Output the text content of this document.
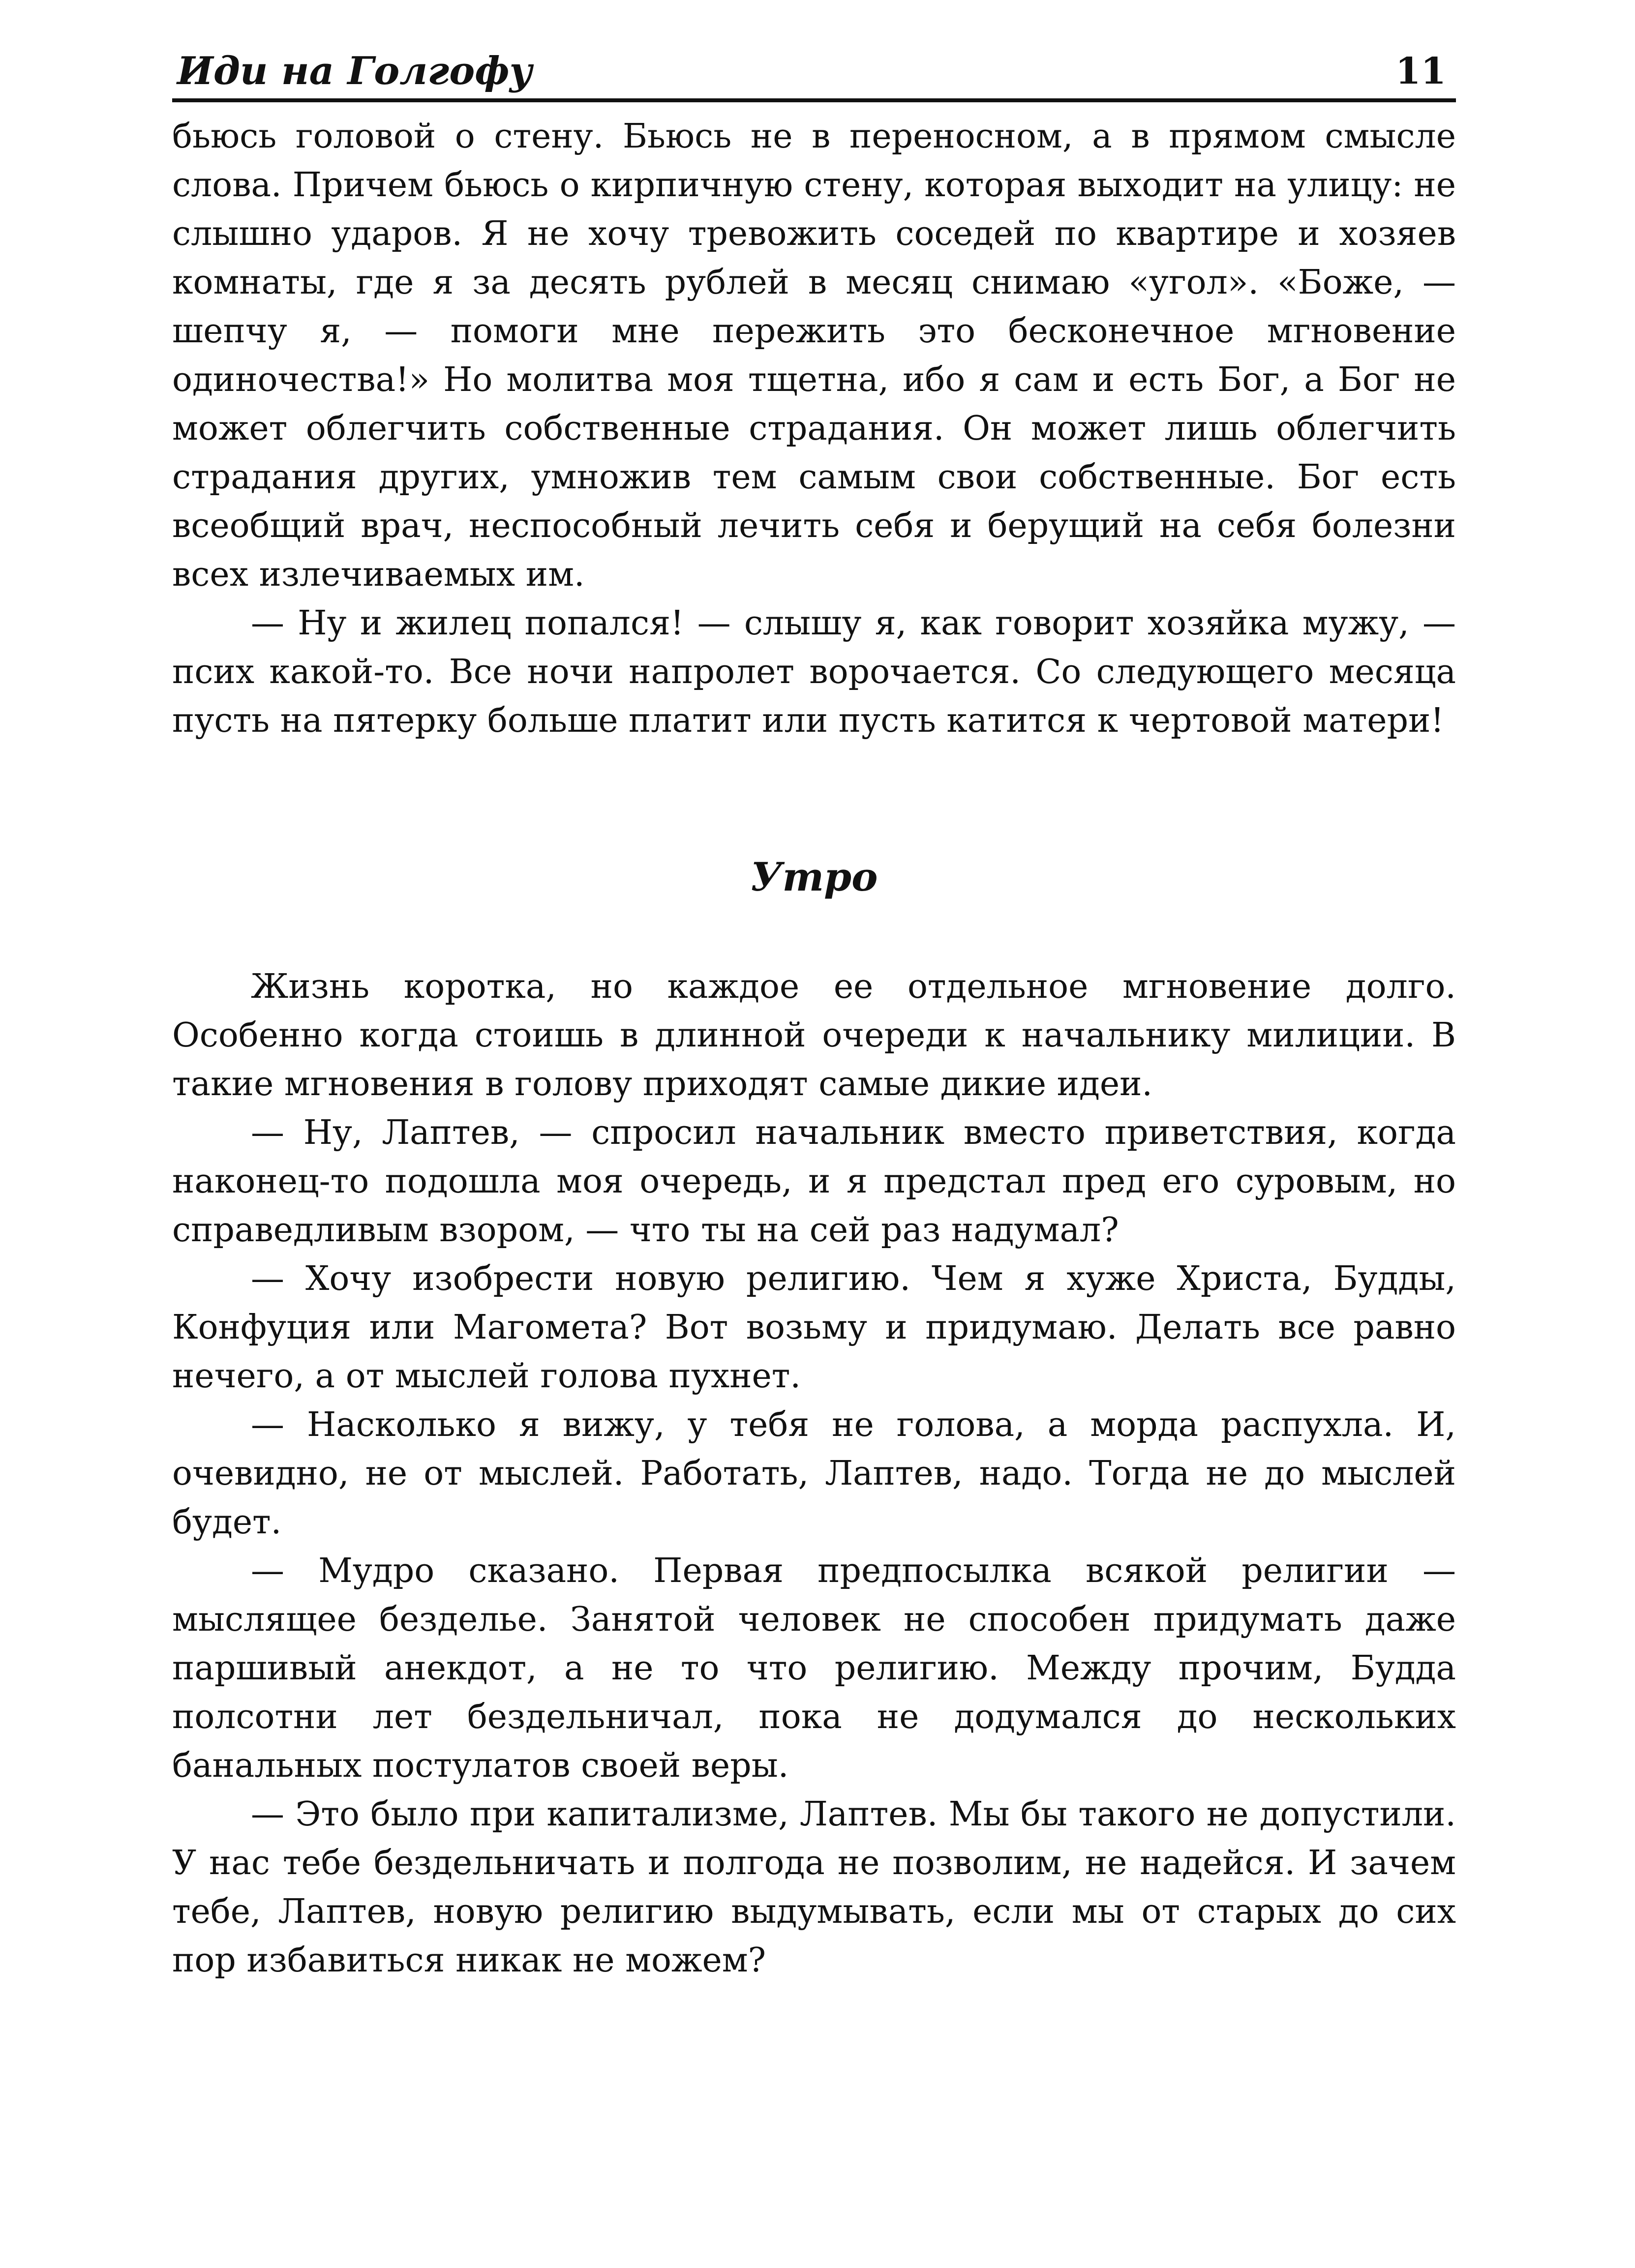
Иди на Голгофу	11

бьюсь головой о стену. Бьюсь не в переносном, а в прямом смысле слова. Причем бьюсь о кирпичную стену, которая выходит на улицу: не слышно ударов. Я не хочу тревожить соседей по квартире и хозяев комнаты, где я за десять рублей в месяц снимаю «угол». «Боже, — шепчу я, — помоги мне пережить это бесконечное мгновение одиночества!» Но молитва моя тщетна, ибо я сам и есть Бог, а Бог не может облегчить собственные страдания. Он может лишь облегчить страдания других, умножив тем самым свои собственные. Бог есть всеобщий врач, неспособный лечить себя и берущий на себя болезни всех излечиваемых им.

— Ну и жилец попался! — слышу я, как говорит хозяйка мужу, — псих какой-то. Все ночи напролет ворочается. Со следующего месяца пусть на пятерку больше платит или пусть катится к чертовой матери!

Утро

Жизнь коротка, но каждое ее отдельное мгновение долго. Особенно когда стоишь в длинной очереди к начальнику милиции. В такие мгновения в голову приходят самые дикие идеи.

— Ну, Лаптев, — спросил начальник вместо приветствия, когда наконец-то подошла моя очередь, и я предстал пред его суровым, но справедливым взором, — что ты на сей раз надумал?

— Хочу изобрести новую религию. Чем я хуже Христа, Будды, Конфуция или Магомета? Вот возьму и придумаю. Делать все равно нечего, а от мыслей голова пухнет.

— Насколько я вижу, у тебя не голова, а морда распухла. И, очевидно, не от мыслей. Работать, Лаптев, надо. Тогда не до мыслей будет.

— Мудро сказано. Первая предпосылка всякой религии — мыслящее безделье. Занятой человек не способен придумать даже паршивый анекдот, а не то что религию. Между прочим, Будда полсотни лет бездельничал, пока не додумался до нескольких банальных постулатов своей веры.

— Это было при капитализме, Лаптев. Мы бы такого не допустили. У нас тебе бездельничать и полгода не позволим, не надейся. И зачем тебе, Лаптев, новую религию выдумывать, если мы от старых до сих пор избавиться никак не можем?
